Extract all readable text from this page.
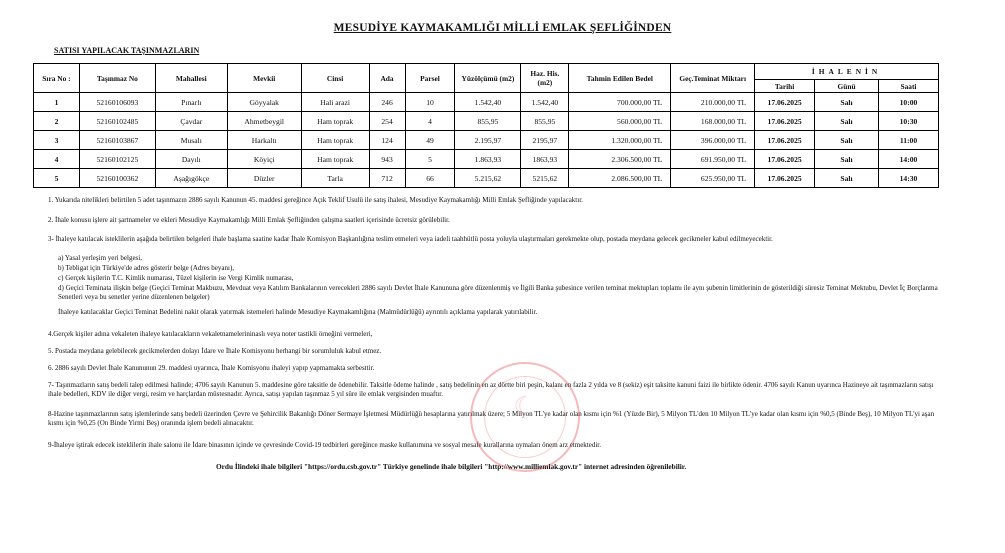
MESUDİYE KAYMAKAMLIĞI MİLLİ EMLAK ŞEFLİĞİNDEN
SATISI YAPILACAK TAŞINMAZLARIN
Sıra No :	Taşınmaz No	Mahallesi	Mevkii	Cinsi	Ada	Parsel	Yüzölçümü (m2)	Haz. His. (m2)	Tahmin Edilen Bedel	Geç.Teminat Miktarı	İHALENİN		
											Tarihi	Günü	Saati
1	52160106093	Pınarlı	Göyyalak	Hali arazi	246	10	1.542,40	1.542,40	700.000,00 TL	210.000,00 TL	17.06.2025	Salı	10:00
2	52160102485	Çavdar	Ahmetbeygil	Ham toprak	254	4	855,95	855,95	560.000,00 TL	168.000,00 TL	17.06.2025	Salı	10:30
3	52160103867	Musalı	Harkaltı	Ham toprak	124	49	2.195,97	2195,97	1.320.000,00 TL	396.000,00 TL	17.06.2025	Salı	11:00
4	52160102125	Dayılı	Köyiçi	Ham toprak	943	5	1.863,93	1863,93	2.306.500,00 TL	691.950,00 TL	17.06.2025	Salı	14:00
5	52160100362	Aşağıgökçe	Düzler	Tarla	712	66	5.215,62	5215,62	2.086.500,00 TL	625.950,00 TL	17.06.2025	Salı	14:30

1. Yukarıda nitelikleri belirtilen 5 adet taşınmazın 2886 sayılı Kanunun 45. maddesi gereğince Açık Teklif Usulü ile satış ihalesi, Mesudiye Kaymakamlığı Milli Emlak Şefliğinde yapılacaktır.

2. İhale konusu işlere ait şartnameler ve ekleri Mesudiye Kaymakamlığı Milli Emlak Şefliğinden çalışma saatleri içerisinde ücretsiz görülebilir.

3- İhaleye katılacak isteklilerin aşağıda belirtilen belgeleri ihale başlama saatine kadar İhale Komisyon Başkanlığına teslim etmeleri veya iadeli taahhütlü posta yoluyla ulaştırmaları gerekmekte olup, postada meydana gelecek gecikmeler kabul edilmeyecektir.

a) Yasal yerleşim yeri belgesi,

b) Tebligat için Türkiye'de adres gösterir belge (Adres beyanı),

c) Gerçek kişilerin T.C. Kimlik numarası, Tüzel kişilerin ise Vergi Kimlik numarası,

d) Geçici Teminata ilişkin belge (Geçici Teminat Makbuzu, Mevduat veya Katılım Bankalarının verecekleri 2886 sayılı Devlet İhale Kanununa göre düzenlenmiş ve İlgili Banka şubesince verilen teminat mektupları toplamı ile aynı şubenin limitlerinin de gösterildiği süresiz Teminat Mektubu, Devlet İç Borçlanma Senetleri veya bu senetler yerine düzenlenen belgeler)

İhaleye katılacaklar Geçici Teminat Bedelini nakit olarak yatırmak istemeleri halinde Mesudiye Kaymakamlığına (Malmüdürlüğü) ayrıntılı açıklama yapılarak yatırılabilir.

4.Gerçek kişiler adına vekaleten ihaleye katılacakların vekaletnamelerininaslı veya noter tastikli örneğini vermeleri,

5. Postada meydana gelebilecek gecikmelerden dolayı İdare ve İhale Komisyonu herhangi bir sorumluluk kabul etmez.

6. 2886 sayılı Devlet İhale Kanununun 29. maddesi uyarınca, İhale Komisyonu ihaleyi yapıp yapmamakta serbesttir.

7- Taşınmazların satış bedeli talep edilmesi halinde; 4706 sayılı Kanunun 5. maddesine göre taksitle de ödenebilir. Taksitle ödeme halinde , satış bedelinin en az dörtte biri peşin, kalanı en fazla 2 yılda ve 8 (sekiz) eşit taksitte kanuni faizi ile birlikte ödenir. 4706 sayılı Kanun uyarınca Hazineye ait taşınmazların satışı ihale bedelleri, KDV ile diğer vergi, resim ve harçlardan müstesnadır. Ayrıca, satışı yapılan taşınmaz 5 yıl süre ile emlak vergisinden muaftır.

8-Hazine taşınmazlarının satış işlemlerinde satış bedeli üzerinden Çevre ve Şehircilik Bakanlığı Döner Sermaye İşletmesi Müdürlüğü hesaplarına yatırılmak üzere; 5 Milyon TL'ye kadar olan kısmı için %1 (Yüzde Bir), 5 Milyon TL'den 10 Milyon TL'ye kadar olan kısmı için %0,5 (Binde Beş), 10 Milyon TL'yi aşan kısmı için %0,25 (On Binde Yirmi Beş) oranında işlem bedeli alınacaktır.

9-İhaleye iştirak edecek isteklilerin ihale salonu ile İdare binasının içinde ve çevresinde Covid-19 tedbirleri gereğince maske kullanımına ve sosyal mesafe kurallarına uymaları önem arz etmektedir.

Ordu İlindeki ihale bilgileri "https://ordu.csb.gov.tr" Türkiye genelinde ihale bilgileri "http://www.milliemlak.gov.tr" internet adresinden öğrenilebilir.

☾
